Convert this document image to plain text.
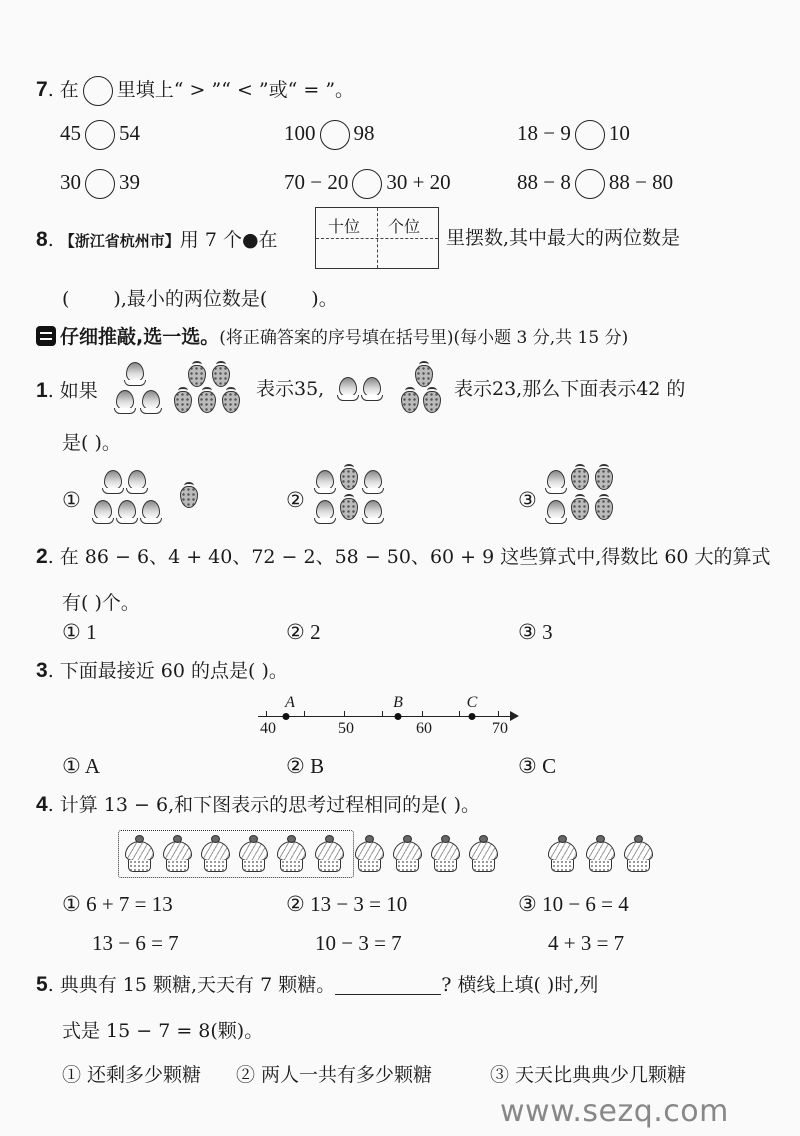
7. 在 里填上“ > ”“ < ”或“ = ”。
45 54	100 98	18 − 9 10
30 39	70 − 20 30 + 20	88 − 8 88 − 80
8. 【浙江省杭州市】用 7 个●在
十位 个位
里摆数,其中最大的两位数是
( ),最小的两位数是( )。
仔细推敲,选一选。(将正确答案的序号填在括号里)(每小题 3 分,共 15 分)
1. 如果	表示35,	表示23,那么下面表示42 的
是( )。
①	②	③
2. 在 86 − 6、4 + 40、72 − 2、58 − 50、60 + 9 这些算式中,得数比 60 大的算式
有( )个。
① 1	② 2	③ 3
3. 下面最接近 60 的点是( )。
40	50	60	70
A	B	C
① A	② B	③ C
4. 计算 13 − 6,和下图表示的思考过程相同的是( )。
① 6 + 7 = 13
13 − 6 = 7
② 13 − 3 = 10
10 − 3 = 7
③ 10 − 6 = 4
4 + 3 = 7
5. 典典有 15 颗糖,天天有 7 颗糖。	? 横线上填( )时,列
式是 15 − 7 = 8(颗)。
① 还剩多少颗糖 ② 两人一共有多少颗糖	③ 天天比典典少几颗糖
www.sezq.com
